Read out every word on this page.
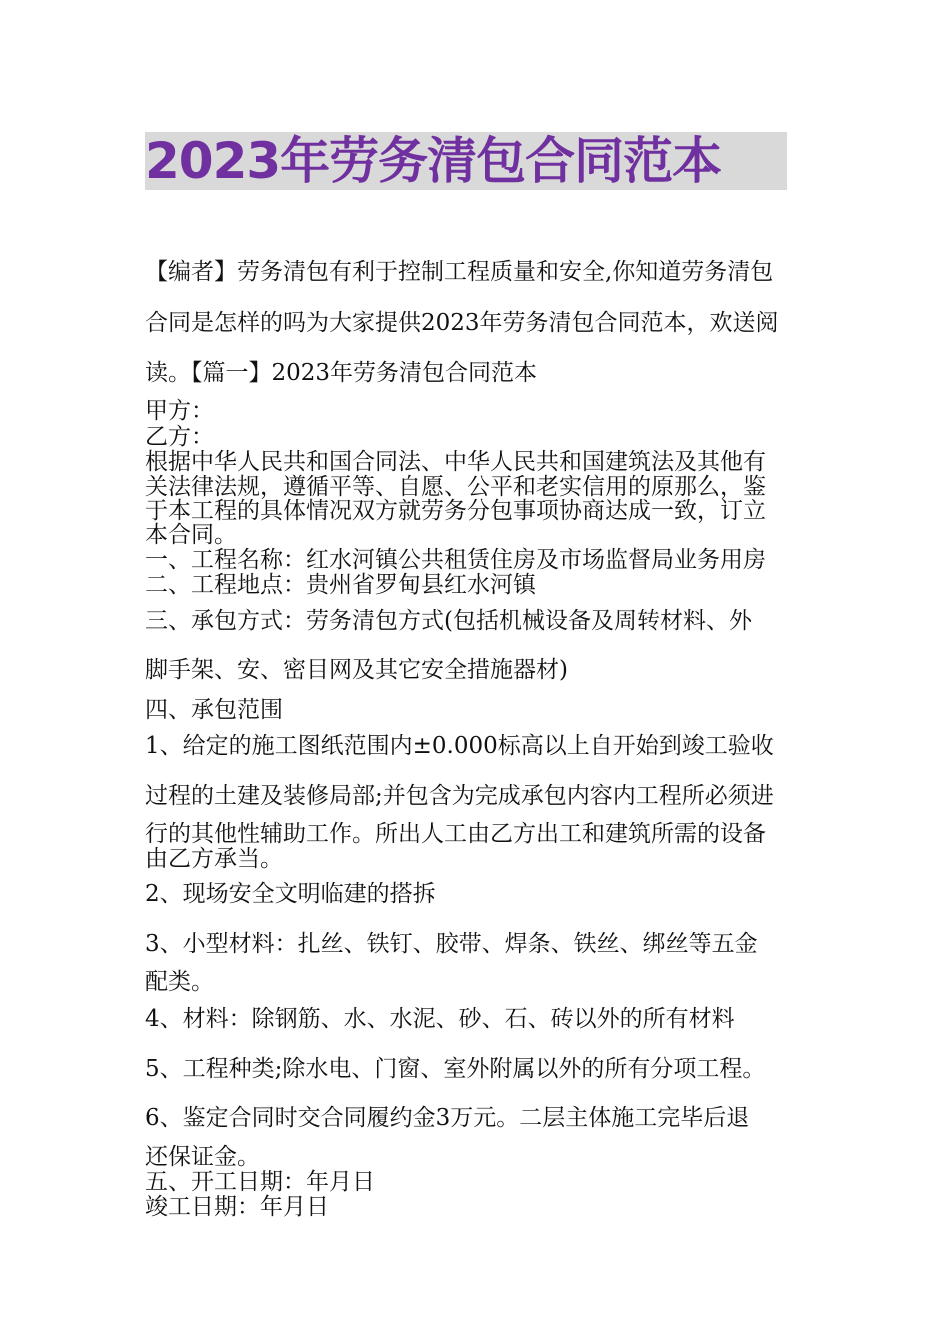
2023年劳务清包合同范本
【编者】劳务清包有利于控制工程质量和安全,你知道劳务清包
合同是怎样的吗为大家提供2023年劳务清包合同范本，欢送阅
读。【篇一】2023年劳务清包合同范本
甲方：
乙方：
根据中华人民共和国合同法、中华人民共和国建筑法及其他有
关法律法规，遵循平等、自愿、公平和老实信用的原那么，鉴
于本工程的具体情况双方就劳务分包事项协商达成一致，订立
本合同。
一、工程名称：红水河镇公共租赁住房及市场监督局业务用房
二、工程地点：贵州省罗甸县红水河镇
三、承包方式：劳务清包方式(包括机械设备及周转材料、外
脚手架、安、密目网及其它安全措施器材)
四、承包范围
1、给定的施工图纸范围内±0.000标高以上自开始到竣工验收
过程的土建及装修局部;并包含为完成承包内容内工程所必须进
行的其他性辅助工作。所出人工由乙方出工和建筑所需的设备
由乙方承当。
2、现场安全文明临建的搭拆
3、小型材料：扎丝、铁钉、胶带、焊条、铁丝、绑丝等五金
配类。
4、材料：除钢筋、水、水泥、砂、石、砖以外的所有材料
5、工程种类;除水电、门窗、室外附属以外的所有分项工程。
6、鉴定合同时交合同履约金3万元。二层主体施工完毕后退
还保证金。
五、开工日期：年月日
竣工日期：年月日
